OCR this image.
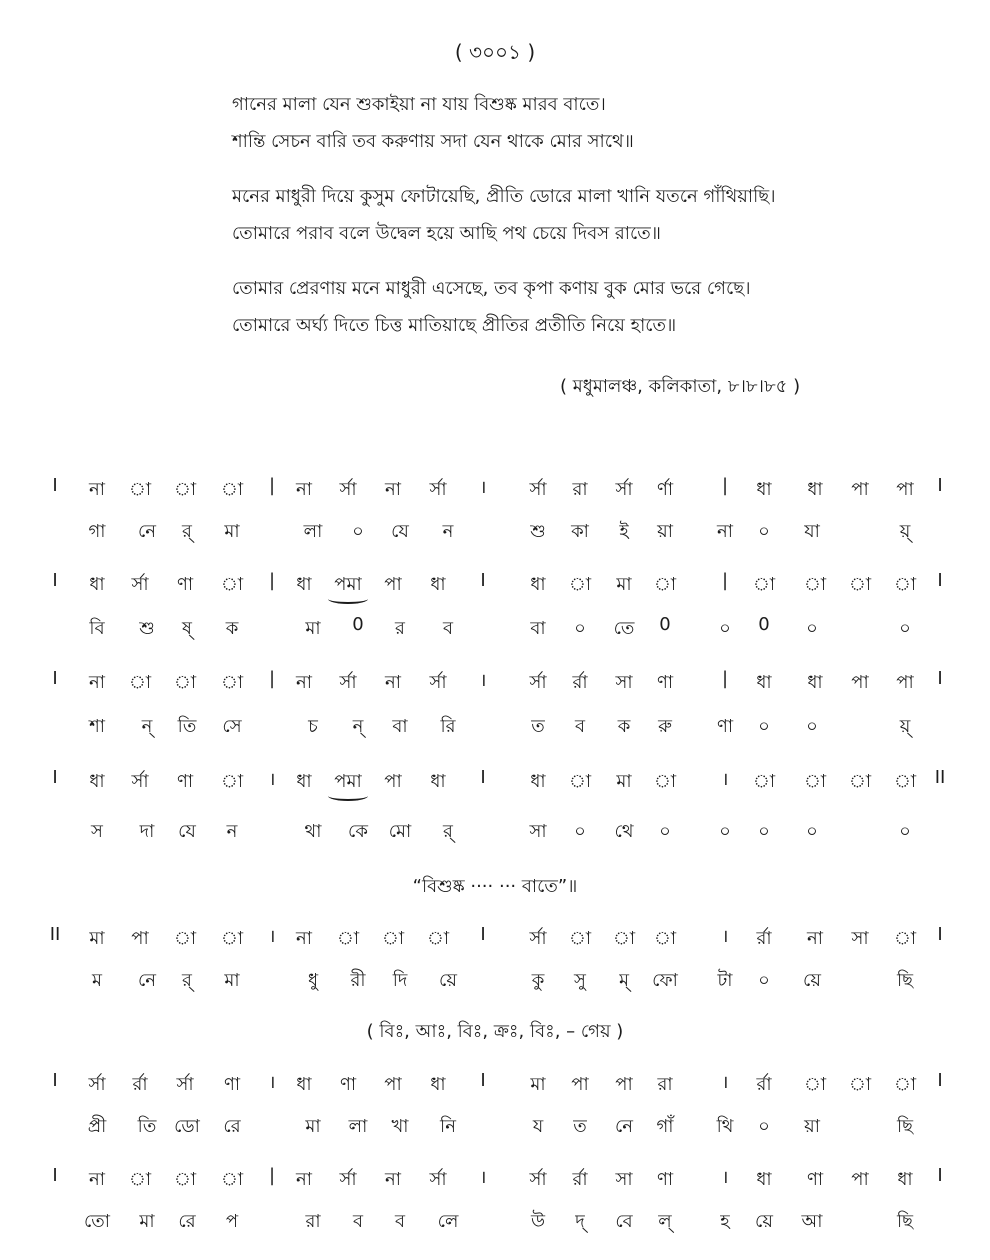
( ৩০০১ )
গানের মালা যেন শুকাইয়া না যায় বিশুষ্ক মারব বাতে।
শান্তি সেচন বারি তব করুণায় সদা যেন থাকে মোর সাথে॥
মনের মাধুরী দিয়ে কুসুম ফোটায়েছি, প্রীতি ডোরে মালা খানি যতনে গাঁথিয়াছি।
তোমারে পরাব বলে উদ্বেল হয়ে আছি পথ চেয়ে দিবস রাতে॥
তোমার প্রেরণায় মনে মাধুরী এসেছে, তব কৃপা কণায় বুক মোর ভরে গেছে।
তোমারে অর্ঘ্য দিতে চিত্ত মাতিয়াছে প্রীতির প্রতীতি নিয়ে হাতে॥
( মধুমালঞ্চ, কলিকাতা, ৮।৮।৮৫ )
I না া া া | না র্সা না র্সা । র্সা রা র্সা র্ণা	| ধা ধা পা পা I
গা নে র্ মা	লা ০ যে ন	শু কা ই য়া না ০ যা	য়্
I ধা র্সা ণা া | ধা পমা পা ধা I ধা া মা া	| া া া া I
বি শু ষ্ ক	মা 0 র ব	বা ০ তে 0	০ 0 ০	০
I না া া া | না র্সা না র্সা । র্সা র্রা সা ণা	| ধা ধা পা পা I
শা ন্ তি সে	চ ন্ বা রি	ত ব ক রু	ণা ০ ০	য়্
I ধা র্সা ণা া । ধা পমা পা ধা I ধা া মা া	। া া া া II
স দা যে ন	থা কে মো র্	সা ০ থে ০	০ ০ ০	০
“বিশুষ্ক ···· ··· বাতে”॥
II মা পা া া । না া া া I র্সা া া া	। র্রা না সা া I
ম নে র্ মা	ধু রী দি য়ে	কু সু ম্ ফো টা ০ য়ে	ছি
( বিঃ, আঃ, বিঃ, ক্রঃ, বিঃ, – গেয় )
I র্সা র্রা র্সা ণা । ধা ণা পা ধা I মা পা পা রা	। র্রা া া া I
প্রী তি ডো রে	মা লা খা নি	য ত নে গাঁ থি ০ য়া	ছি
I না া া া | না র্সা না র্সা । র্সা র্রা সা ণা	। ধা ণা পা ধা I
তো মা রে প	রা ব ব লে	উ দ্ বে ল্	হ য়ে আ	ছি
